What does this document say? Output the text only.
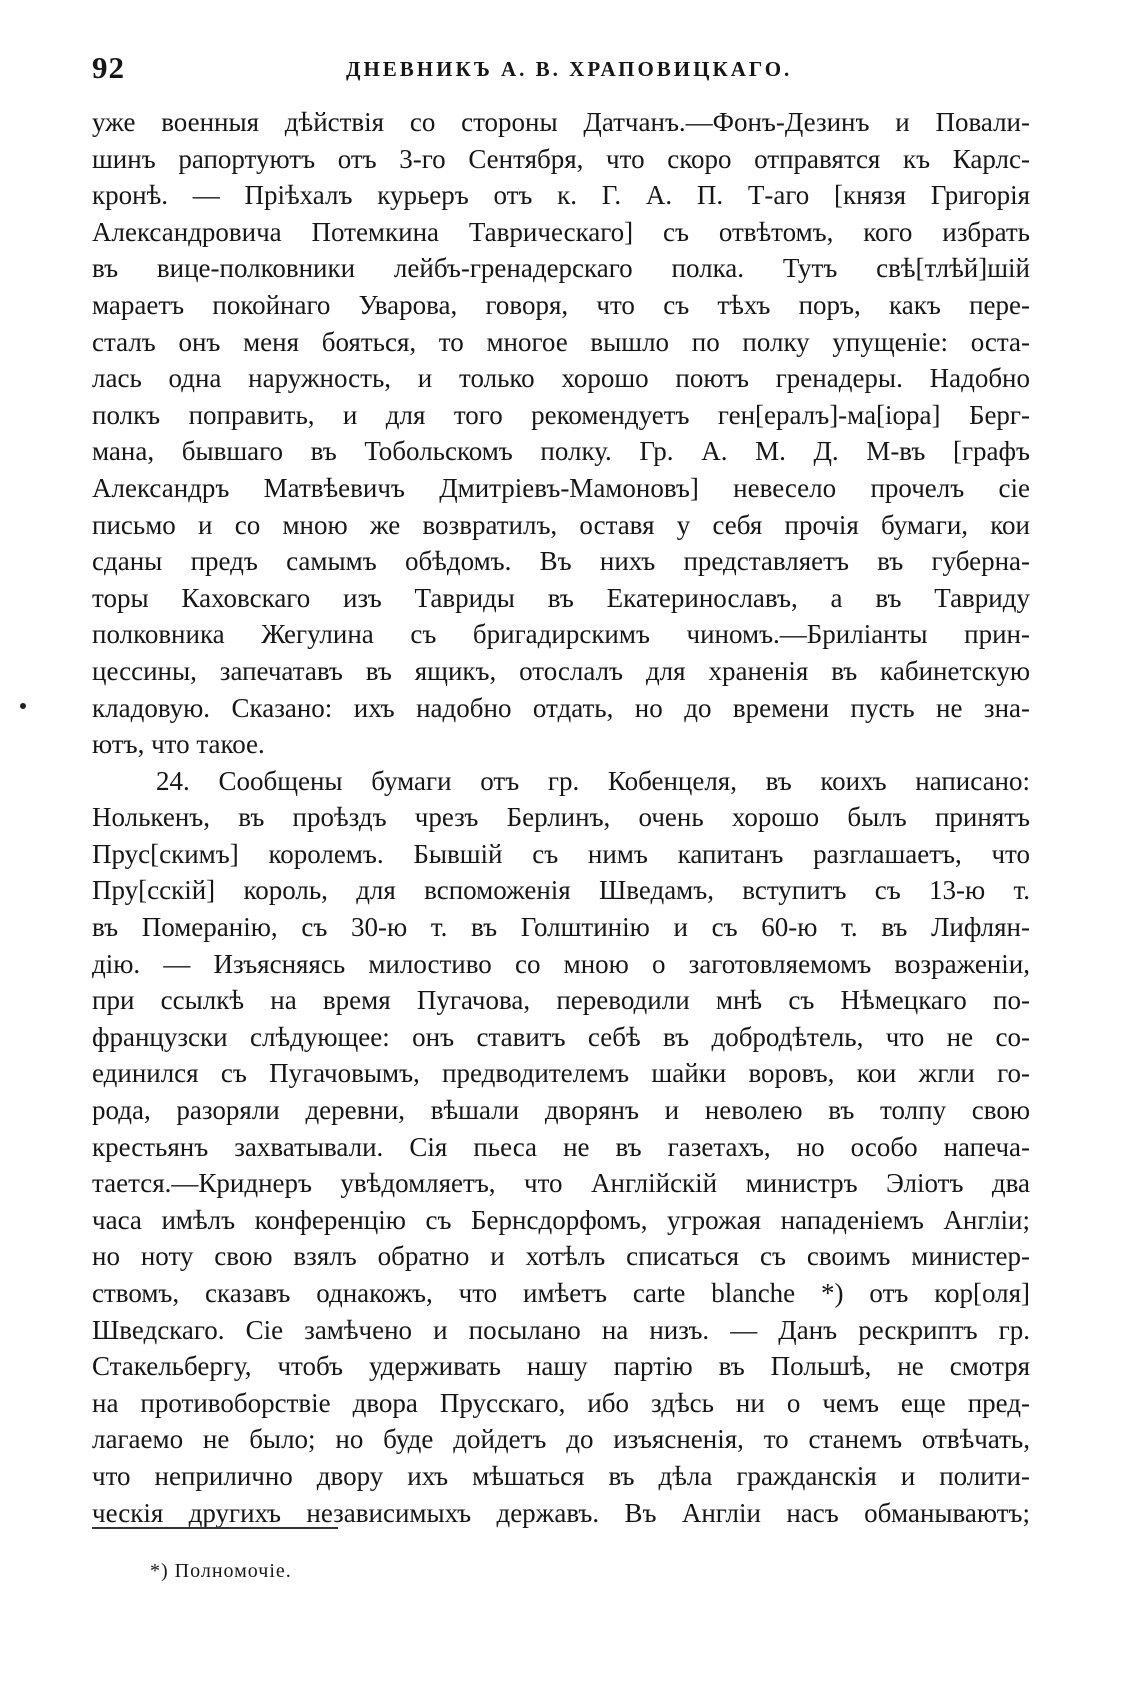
92	ДНЕВНИКЪ А. В. ХРАПОВИЦКАГО.
уже военныя дѣйствія со стороны Датчанъ.—Фонъ-Дезинъ и Повали-
шинъ рапортуютъ отъ 3-го Сентября, что скоро отправятся къ Карлс-
кронѣ. — Пріѣхалъ курьеръ отъ к. Г. А. П. Т-аго [князя Григорія
Александровича Потемкина Таврическаго] съ отвѣтомъ, кого избрать
въ вице-полковники лейбъ-гренадерскаго полка. Тутъ свѣ[тлѣй]шій
мараетъ покойнаго Уварова, говоря, что съ тѣхъ поръ, какъ пере-
сталъ онъ меня бояться, то многое вышло по полку упущеніе: оста-
лась одна наружность, и только хорошо поютъ гренадеры. Надобно
полкъ поправить, и для того рекомендуетъ ген[ералъ]-ма[іора] Берг-
мана, бывшаго въ Тобольскомъ полку. Гр. А. М. Д. М-въ [графъ
Александръ Матвѣевичъ Дмитріевъ-Мамоновъ] невесело прочелъ сіе
письмо и со мною же возвратилъ, оставя у себя прочія бумаги, кои
сданы предъ самымъ обѣдомъ. Въ нихъ представляетъ въ губерна-
торы Каховскаго изъ Тавриды въ Екатеринославъ, а въ Тавриду
полковника Жегулина съ бригадирскимъ чиномъ.—Бриліанты прин-
цессины, запечатавъ въ ящикъ, отослалъ для храненія въ кабинетскую
кладовую. Сказано: ихъ надобно отдать, но до времени пусть не зна-
ютъ, что такое.
24. Сообщены бумаги отъ гр. Кобенцеля, въ коихъ написано:
Нолькенъ, въ проѣздъ чрезъ Берлинъ, очень хорошо былъ принятъ
Прус[скимъ] королемъ. Бывшій съ нимъ капитанъ разглашаетъ, что
Пру[сскій] король, для вспоможенія Шведамъ, вступитъ съ 13-ю т.
въ Померанію, съ 30-ю т. въ Голштинію и съ 60-ю т. въ Лифлян-
дію. — Изъясняясь милостиво со мною о заготовляемомъ возраженіи,
при ссылкѣ на время Пугачова, переводили мнѣ съ Нѣмецкаго по-
французски слѣдующее: онъ ставитъ себѣ въ добродѣтель, что не со-
единился съ Пугачовымъ, предводителемъ шайки воровъ, кои жгли го-
рода, разоряли деревни, вѣшали дворянъ и неволею въ толпу свою
крестьянъ захватывали. Сія пьеса не въ газетахъ, но особо напеча-
тается.—Криднеръ увѣдомляетъ, что Англійскій министръ Эліотъ два
часа имѣлъ конференцію съ Бернсдорфомъ, угрожая нападеніемъ Англіи;
но ноту свою взялъ обратно и хотѣлъ списаться съ своимъ министер-
ствомъ, сказавъ однакожъ, что имѣетъ carte blanche *) отъ кор[оля]
Шведскаго. Сіе замѣчено и посылано на низъ. — Данъ рескриптъ гр.
Стакельбергу, чтобъ удерживать нашу партію въ Польшѣ, не смотря
на противоборствіе двора Прусскаго, ибо здѣсь ни о чемъ еще пред-
лагаемо не было; но буде дойдетъ до изъясненія, то станемъ отвѣчать,
что неприлично двору ихъ мѣшаться въ дѣла гражданскія и полити-
ческія другихъ независимыхъ державъ. Въ Англіи насъ обманываютъ;
*) Полномочіе.
